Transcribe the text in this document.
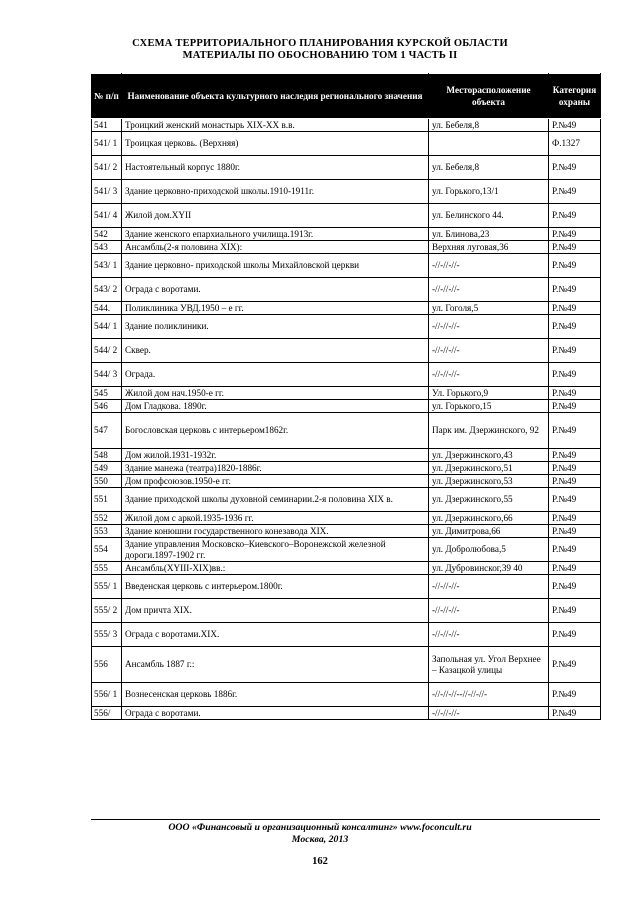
СХЕМА ТЕРРИТОРИАЛЬНОГО ПЛАНИРОВАНИЯ КУРСКОЙ ОБЛАСТИ
МАТЕРИАЛЫ ПО ОБОСНОВАНИЮ ТОМ 1 ЧАСТЬ II
№ п/п	Наименование объекта культурного наследия регионального значения	Месторасположение объекта	Категория охраны
541	Троицкий женский монастырь XIX-XX в.в.	ул. Бебеля,8	Р.№49
541/ 1	Троицкая церковь. (Верхняя)		Ф.1327
541/ 2	Настоятельный корпус 1880г.	ул. Бебеля,8	Р.№49
541/ 3	Здание церковно-приходской школы.1910-1911г.	ул. Горького,13/1	Р.№49
541/ 4	Жилой дом.XYII	ул. Белинского 44.	Р.№49
542	Здание женского епархиального училища.1913г.	ул. Блинова,23	Р.№49
543	Ансамбль(2-я половина XIX):	Верхняя луговая,36	Р.№49
543/ 1	Здание церковно- приходской школы Михайловской церкви	-//-//-//-	Р.№49
543/ 2	Ограда с воротами.	-//-//-//-	Р.№49
544.	Поликлиника УВД.1950 – е гг.	ул. Гоголя,5	Р.№49
544/ 1	Здание поликлиники.	-//-//-//-	Р.№49
544/ 2	Сквер.	-//-//-//-	Р.№49
544/ 3	Ограда.	-//-//-//-	Р.№49
545	Жилой дом нач.1950-е гг.	Ул. Горького,9	Р.№49
546	Дом Гладкова. 1890г.	ул. Горького,15	Р.№49
547	Богословская церковь с интерьером1862г.	Парк им. Дзержинского, 92	Р.№49
548	Дом жилой.1931-1932г.	ул. Дзержинского,43	Р.№49
549	Здание манежа (театра)1820-1886г.	ул. Дзержинского,51	Р.№49
550	Дом профсоюзов.1950-е гг.	ул. Дзержинского,53	Р.№49
551	Здание приходской школы духовной семинарии.2-я половина XIX в.	ул. Дзержинского,55	Р.№49
552	Жилой дом с аркой.1935-1936 гг.	ул. Дзержинского,66	Р.№49
553	Здание конюшни государственного конезавода XIX.	ул. Димитрова,66	Р.№49
554	Здание управления Московско–Киевского–Воронежской железной дороги.1897-1902 гг.	ул. Добролюбова,5	Р.№49
555	Ансамбль(XYIII-XIX)вв.:	ул. Дубровинског,39 40	Р.№49
555/ 1	Введенская церковь с интерьером.1800г.	-//-//-//-	Р.№49
555/ 2	Дом причта XIX.	-//-//-//-	Р.№49
555/ 3	Ограда с воротами.XIX.	-//-//-//-	Р.№49
556	Ансамбль 1887 г.:	Запольная ул. Угол Верхнее – Казацкой улицы	Р.№49
556/ 1	Вознесенская церковь 1886г.	-//-//-//--//-//-//-	Р.№49
556/	Ограда с воротами.	-//-//-//-	Р.№49
ООО «Финансовый и организационный консалтинг» www.foconcult.ru
Москва, 2013
162
